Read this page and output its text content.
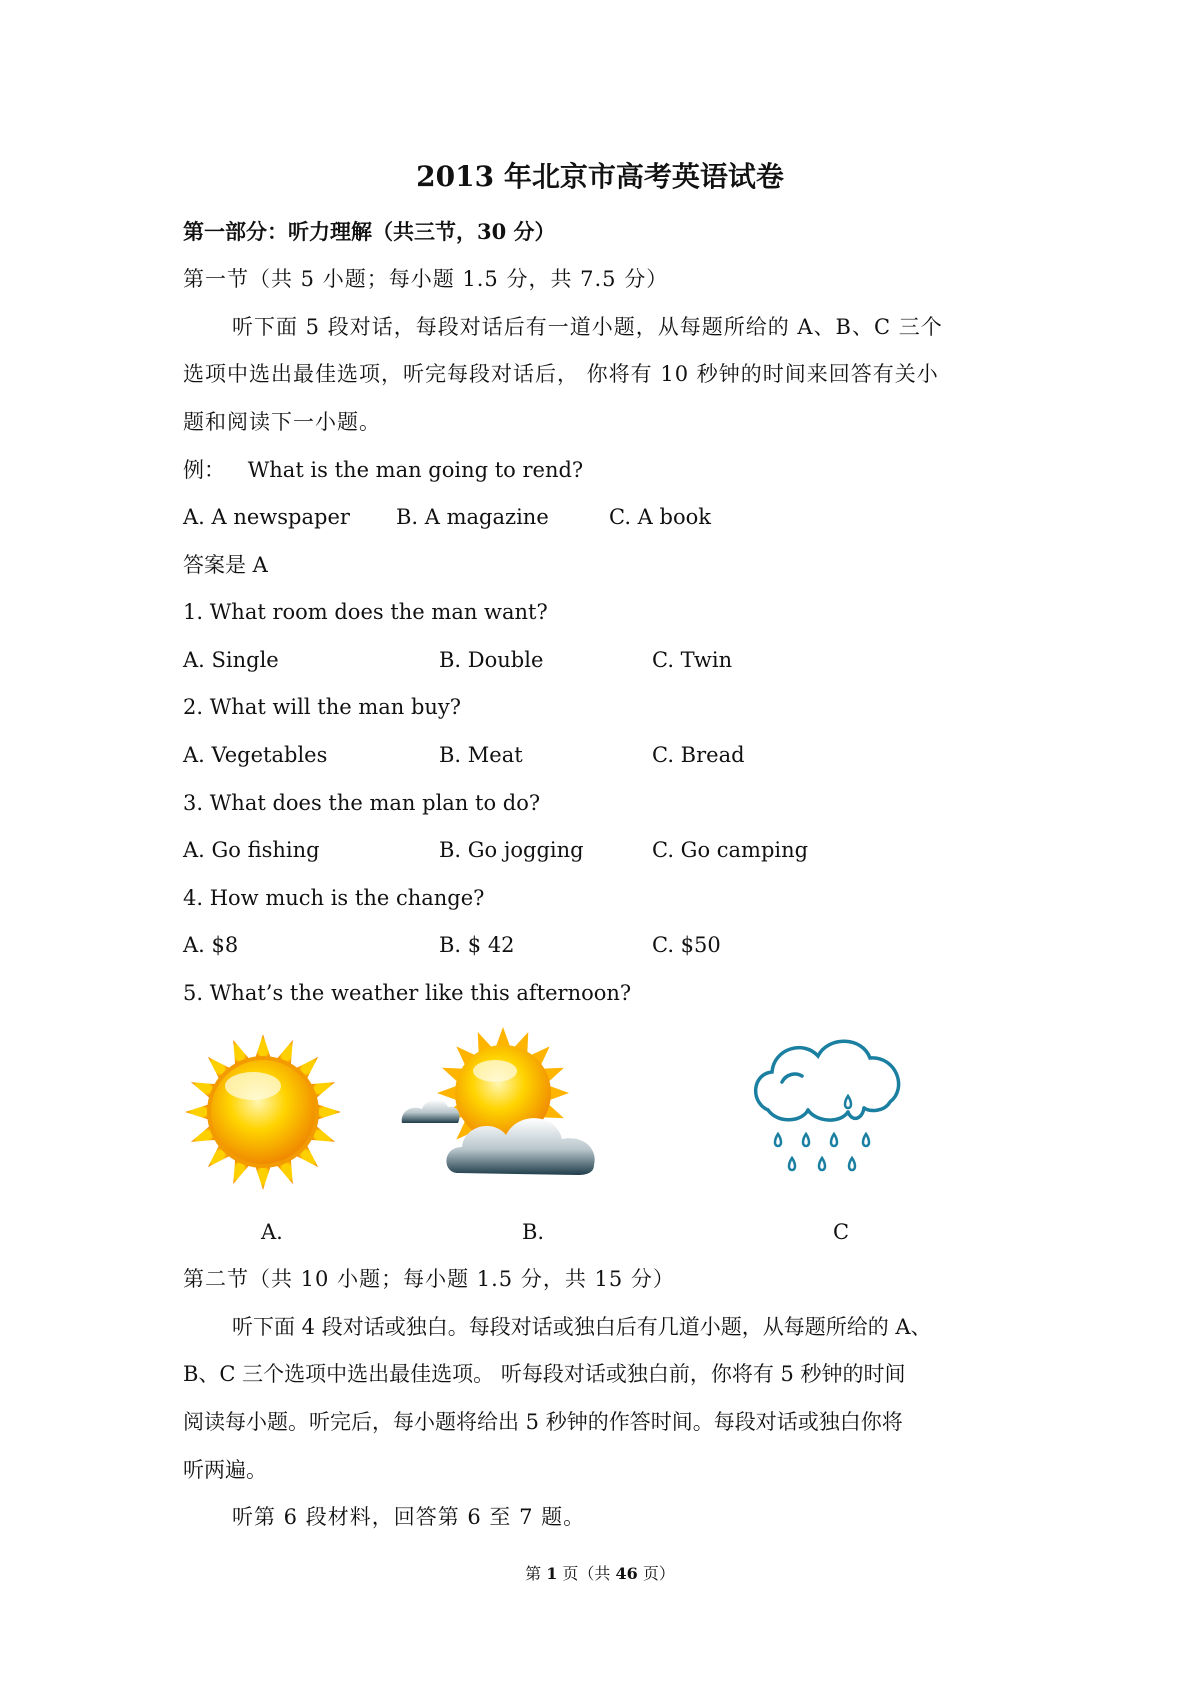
2013 年北京市高考英语试卷

第一部分：听力理解（共三节，30 分）

第一节（共 5 小题；每小题 1.5 分，共 7.5 分）

听下面 5 段对话，每段对话后有一道小题，从每题所给的 A、B、C 三个

选项中选出最佳选项，听完每段对话后， 你将有 10 秒钟的时间来回答有关小

题和阅读下一小题。

例： What is the man going to rend?

A. A newspaper B. A magazine	C. A book

答案是 A

1. What room does the man want?

A. Single	B. Double	C. Twin

2. What will the man buy?

A. Vegetables	B. Meat	C. Bread

3. What does the man plan to do?

A. Go fishing	B. Go jogging	C. Go camping

4. How much is the change?

A. $8	B. $ 42	C. $50

5. What’s the weather like this afternoon?

A.	B.	C

第二节（共 10 小题；每小题 1.5 分，共 15 分）

听下面 4 段对话或独白。每段对话或独白后有几道小题，从每题所给的 A、

B、C 三个选项中选出最佳选项。 听每段对话或独白前，你将有 5 秒钟的时间

阅读每小题。听完后，每小题将给出 5 秒钟的作答时间。每段对话或独白你将

听两遍。

听第 6 段材料，回答第 6 至 7 题。

第 1 页（共 46 页）
